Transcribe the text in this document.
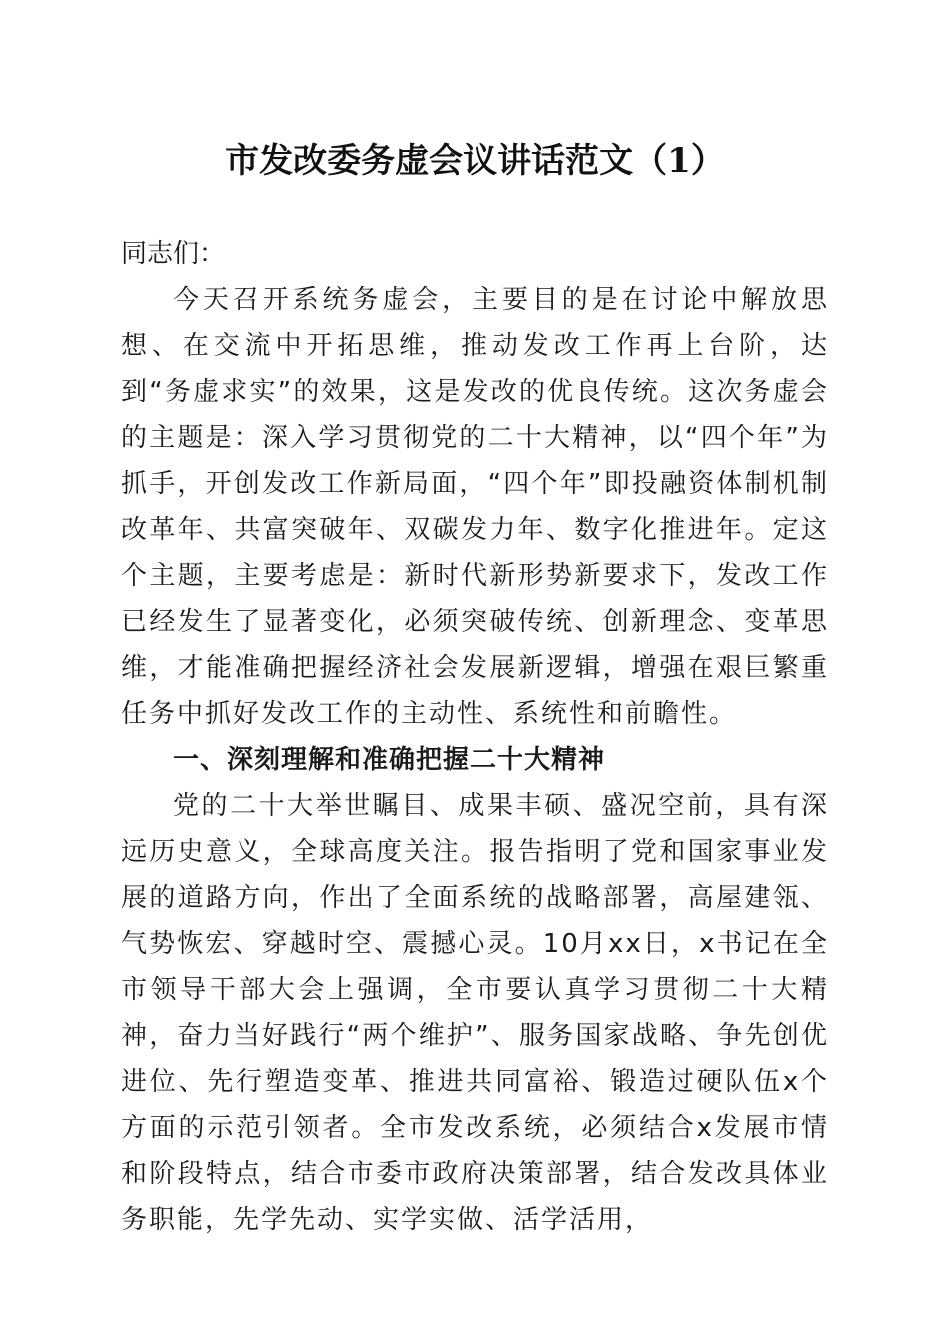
市发改委务虚会议讲话范文（1）

同志们：

今天召开系统务虚会，主要目的是在讨论中解放思想、在交流中开拓思维，推动发改工作再上台阶，达到“务虚求实”的效果，这是发改的优良传统。这次务虚会的主题是：深入学习贯彻党的二十大精神，以“四个年”为抓手，开创发改工作新局面，“四个年”即投融资体制机制改革年、共富突破年、双碳发力年、数字化推进年。定这个主题，主要考虑是：新时代新形势新要求下，发改工作已经发生了显著变化，必须突破传统、创新理念、变革思维，才能准确把握经济社会发展新逻辑，增强在艰巨繁重任务中抓好发改工作的主动性、系统性和前瞻性。

一、深刻理解和准确把握二十大精神

党的二十大举世瞩目、成果丰硕、盛况空前，具有深远历史意义，全球高度关注。报告指明了党和国家事业发展的道路方向，作出了全面系统的战略部署，高屋建瓴、气势恢宏、穿越时空、震撼心灵。10月xx日，x书记在全市领导干部大会上强调，全市要认真学习贯彻二十大精神，奋力当好践行“两个维护”、服务国家战略、争先创优进位、先行塑造变革、推进共同富裕、锻造过硬队伍x个方面的示范引领者。全市发改系统，必须结合x发展市情和阶段特点，结合市委市政府决策部署，结合发改具体业务职能，先学先动、实学实做、活学活用，
